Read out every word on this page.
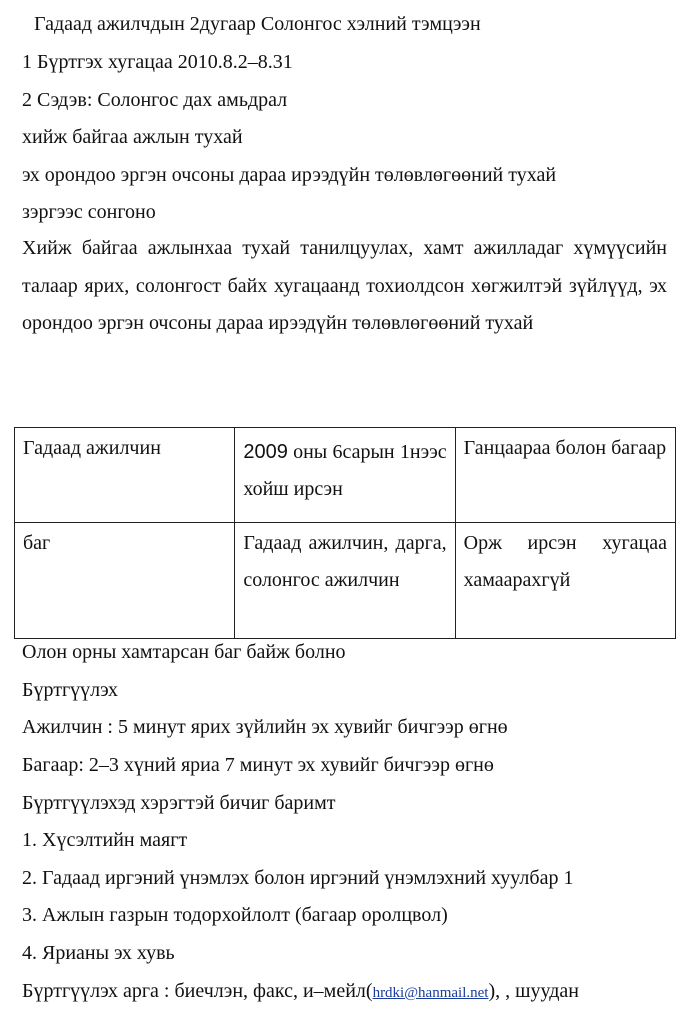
Гадаад ажилчдын 2дугаар Солонгос хэлний тэмцээн
1 Бүртгэх хугацаа 2010.8.2–8.31
2 Сэдэв: Солонгос дах амьдрал
хийж байгаа ажлын тухай
эх орондоо эргэн очсоны дараа ирээдүйн төлөвлөгөөний тухай
зэргээс сонгоно
Хийж байгаа ажлынхаа тухай танилцуулах, хамт ажилладаг хүмүүсийн талаар ярих, солонгост байх хугацаанд тохиолдсон хөгжилтэй зүйлүүд, эх орондоо эргэн очсоны дараа ирээдүйн төлөвлөгөөний тухай
Гадаад ажилчин	2009 оны 6сарын 1нээс хойш ирсэн	Ганцаараа болон багаар

баг	Гадаад ажилчин, дарга, солонгос ажилчин	Орж ирсэн хугацаа хамаарахгүй
Олон орны хамтарсан баг байж болно
Бүртгүүлэх
Ажилчин : 5 минут ярих зүйлийн эх хувийг бичгээр өгнө
Багаар: 2–3 хүний яриа 7 минут эх хувийг бичгээр өгнө
Бүртгүүлэхэд хэрэгтэй бичиг баримт
1. Хүсэлтийн маягт
2. Гадаад иргэний үнэмлэх болон иргэний үнэмлэхний хуулбар 1
3. Ажлын газрын тодорхойлолт (багаар оролцвол)
4. Ярианы эх хувь
Бүртгүүлэх арга : биечлэн, факс, и–мейл(hrdki@hanmail.net), , шуудан
